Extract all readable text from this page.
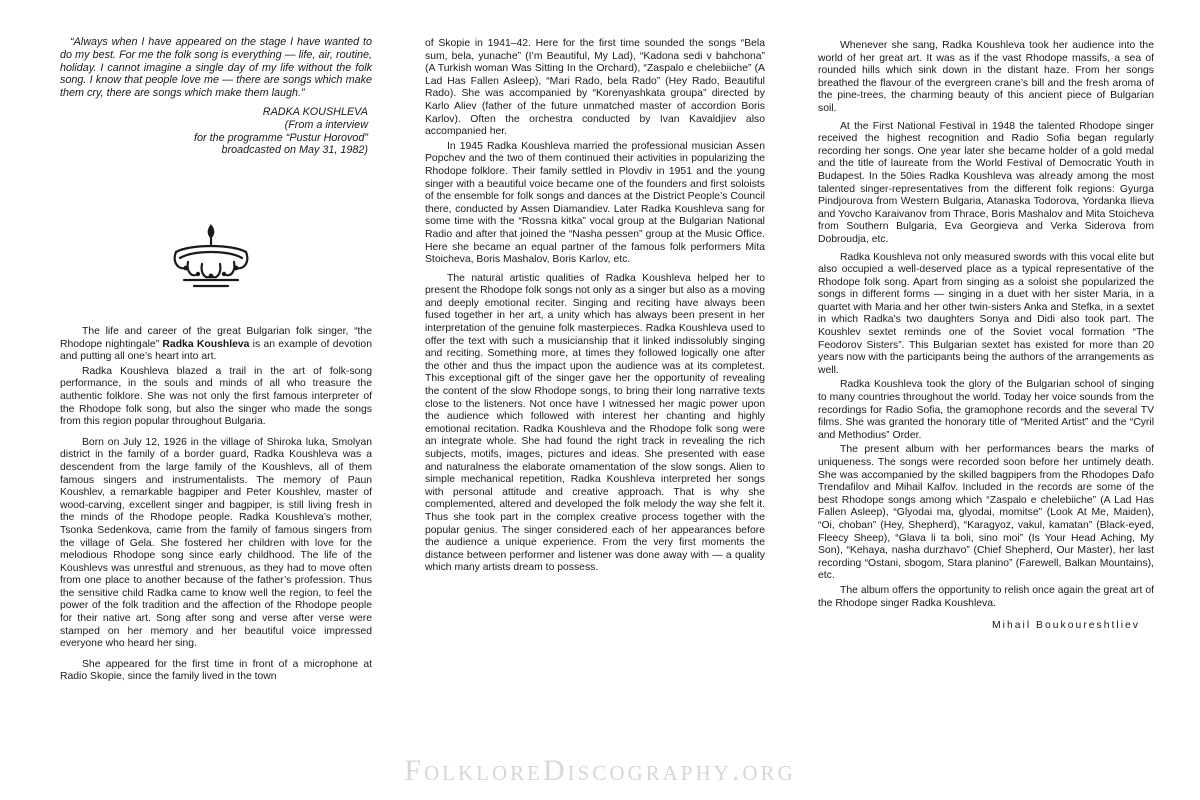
“Always when I have appeared on the stage I have wanted to do my best. For me the folk song is everything — life, air, routine, holiday. I cannot imagine a single day of my life without the folk song. I know that people love me — there are songs which make them cry, there are songs which make them laugh.”

RADKA KOUSHLEVA
(From a interview
for the programme “Pustur Horovod”
broadcasted on May 31, 1982)

The life and career of the great Bulgarian folk singer, “the Rhodope nightingale” Radka Koushleva is an example of devotion and putting all one’s heart into art.

Radka Koushleva blazed a trail in the art of folk-song performance, in the souls and minds of all who treasure the authentic folklore. She was not only the first famous interpreter of the Rhodope folk song, but also the singer who made the songs from this region popular throughout Bulgaria.

Born on July 12, 1926 in the village of Shiroka luka, Smolyan district in the family of a border guard, Radka Koushleva was a descendent from the large family of the Koushlevs, all of them famous singers and instrumentalists. The memory of Paun Koushlev, a remarkable bagpiper and Peter Koushlev, master of wood-carving, excellent singer and bagpiper, is still living fresh in the minds of the Rhodope people. Radka Koushleva’s mother, Tsonka Sedenkova, came from the family of famous singers from the village of Gela. She fostered her children with love for the melodious Rhodope song since early childhood. The life of the Koushlevs was unrestful and strenuous, as they had to move often from one place to another because of the father’s profession. Thus the sensitive child Radka came to know well the region, to feel the power of the folk tradition and the affection of the Rhodope people for their native art. Song after song and verse after verse were stamped on her memory and her beautiful voice impressed everyone who heard her sing.

She appeared for the first time in front of a microphone at Radio Skopie, since the family lived in the town

of Skopie in 1941–42. Here for the first time sounded the songs “Bela sum, bela, yunache” (I’m Beautiful, My Lad), “Kadona sedi v bahchona” (A Turkish woman Was Sitting In the Orchard), “Zaspalo e chelebiiche” (A Lad Has Fallen Asleep), “Mari Rado, bela Rado” (Hey Rado, Beautiful Rado). She was accompanied by “Korenyashkata groupa” directed by Karlo Aliev (father of the future unmatched master of accordion Boris Karlov). Often the orchestra conducted by Ivan Kavaldjiev also accompanied her.

In 1945 Radka Koushleva married the professional musician Assen Popchev and the two of them continued their activities in popularizing the Rhodope folklore. Their family settled in Plovdiv in 1951 and the young singer with a beautiful voice became one of the founders and first soloists of the ensemble for folk songs and dances at the District People’s Council there, conducted by Assen Diamandiev. Later Radka Koushleva sang for some time with the “Rossna kitka” vocal group at the Bulgarian National Radio and after that joined the “Nasha pessen” group at the Music Office. Here she became an equal partner of the famous folk performers Mita Stoicheva, Boris Mashalov, Boris Karlov, etc.

The natural artistic qualities of Radka Koushleva helped her to present the Rhodope folk songs not only as a singer but also as a moving and deeply emotional reciter. Singing and reciting have always been fused together in her art, a unity which has always been present in her interpretation of the genuine folk masterpieces. Radka Koushleva used to offer the text with such a musicianship that it linked indissolubly singing and reciting. Something more, at times they followed logically one after the other and thus the impact upon the audience was at its completest. This exceptional gift of the singer gave her the opportunity of revealing the content of the slow Rhodope songs, to bring their long narrative texts close to the listeners. Not once have I witnessed her magic power upon the audience which followed with interest her chanting and highly emotional recitation. Radka Koushleva and the Rhodope folk song were an integrate whole. She had found the right track in revealing the rich subjects, motifs, images, pictures and ideas. She presented with ease and naturalness the elaborate ornamentation of the slow songs. Alien to simple mechanical repetition, Radka Koushleva interpreted her songs with personal attitude and creative approach. That is why she complemented, altered and developed the folk melody the way she felt it. Thus she took part in the complex creative process together with the popular genius. The singer considered each of her appearances before the audience a unique experience. From the very first moments the distance between performer and listener was done away with — a quality which many artists dream to possess.

Whenever she sang, Radka Koushleva took her audience into the world of her great art. It was as if the vast Rhodope massifs, a sea of rounded hills which sink down in the distant haze. From her songs breathed the flavour of the evergreen crane’s bill and the fresh aroma of the pine-trees, the charming beauty of this ancient piece of Bulgarian soil.

At the First National Festival in 1948 the talented Rhodope singer received the highest recognition and Radio Sofia began regularly recording her songs. One year later she became holder of a gold medal and the title of laureate from the World Festival of Democratic Youth in Budapest. In the 50ies Radka Koushleva was already among the most talented singer-representatives from the different folk regions: Gyurga Pindjourova from Western Bulgaria, Atanaska Todorova, Yordanka Ilieva and Yovcho Karaivanov from Thrace, Boris Mashalov and Mita Stoicheva from Southern Bulgaria, Eva Georgieva and Verka Siderova from Dobroudja, etc.

Radka Koushleva not only measured swords with this vocal elite but also occupied a well-deserved place as a typical representative of the Rhodope folk song. Apart from singing as a soloist she popularized the songs in different forms — singing in a duet with her sister Maria, in a quartet with Maria and her other twin-sisters Anka and Stefka, in a sextet in which Radka’s two daughters Sonya and Didi also took part. The Koushlev sextet reminds one of the Soviet vocal formation “The Feodorov Sisters”. This Bulgarian sextet has existed for more than 20 years now with the participants being the authors of the arrangements as well.

Radka Koushleva took the glory of the Bulgarian school of singing to many countries throughout the world. Today her voice sounds from the recordings for Radio Sofia, the gramophone records and the several TV films. She was granted the honorary title of “Merited Artist” and the “Cyril and Methodius” Order.

The present album with her performances bears the marks of uniqueness. The songs were recorded soon before her untimely death. She was accompanied by the skilled bagpipers from the Rhodopes Dafo Trendafilov and Mihail Kalfov. Included in the records are some of the best Rhodope songs among which “Zaspalo e chelebiiche” (A Lad Has Fallen Asleep), “Glyodai ma, glyodai, momitse” (Look At Me, Maiden), “Oi, choban” (Hey, Shepherd), “Karagyoz, vakul, kamatan” (Black-eyed, Fleecy Sheep), “Glava li ta boli, sino moi” (Is Your Head Aching, My Son), “Kehaya, nasha durzhavo” (Chief Shepherd, Our Master), her last recording “Ostani, sbogom, Stara planino” (Farewell, Balkan Mountains), etc.

The album offers the opportunity to relish once again the great art of the Rhodope singer Radka Koushleva.

Mihail Boukoureshtliev
FolkloreDiscography.org
